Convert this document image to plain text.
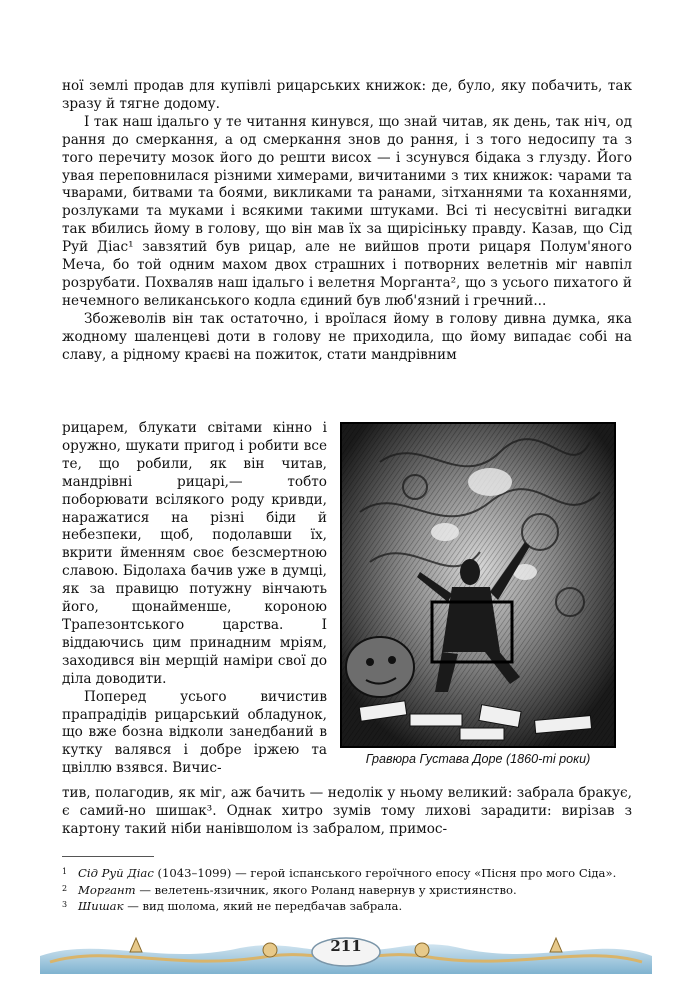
ної землі продав для купівлі рицарських книжок: де, було, яку побачить, так зразу й тягне додому.

І так наш ідальго у те читання кинувся, що знай читав, як день, так ніч, од рання до смеркання, а од смеркання знов до рання, і з того недосипу та з того перечиту мозок його до решти висох — і зсунувся бідака з глузду. Його увая переповнилася різними химерами, вичитаними з тих книжок: чарами та чварами, битвами та боями, викликами та ранами, зітханнями та коханнями, розлуками та муками і всякими такими штуками. Всі ті несусвітні вигадки так вбились йому в голову, що він мав їх за щирісіньку правду. Казав, що Сід Руй Діас¹ завзятий був рицар, але не вийшов проти рицаря Полум'яного Меча, бо той одним махом двох страшних і потворних велетнів міг навпіл розрубати. Похваляв наш ідальго і велетня Морганта², що з усього пихатого й нечемного великанського кодла єдиний був люб'язний і гречний...

Збожеволів він так остаточно, і вроїлася йому в голову дивна думка, яка жодному шаленцеві доти в голову не приходила, що йому випадає собі на славу, а рідному краєві на пожиток, стати мандрівним

рицарем, блукати світами кінно і оружно, шукати пригод і робити все те, що робили, як він читав, мандрівні рицарі,— тобто поборювати всілякого роду кривди, наражатися на різні біди й небезпеки, щоб, подолавши їх, вкрити йменням своє безсмертною славою. Бідолаха бачив уже в думці, як за правицю потужну вінчають його, щонайменше, короною Трапезонтського царства. І віддаючись цим принадним мріям, заходився він мерщій наміри свої до діла доводити.

Поперед усього вичистив прапрадідів рицарський обладунок, що вже бозна відколи занедбаний в кутку валявся і добре іржею та цвіллю взявся. Вичис-

Гравюра Густава Доре (1860-ті роки)

тив, полагодив, як міг, аж бачить — недолік у ньому великий: забрала бракує, є самий-но шишак³. Однак хитро зумів тому лихові зарадити: вирізав з картону такий ніби нанівшолом із забралом, примос-

1 Сід Руй Діас (1043–1099) — герой іспанського героїчного епосу «Пісня про мого Сіда».

2 Моргант — велетень-язичник, якого Роланд навернув у християнство.

3 Шишак — вид шолома, який не передбачав забрала.

211
